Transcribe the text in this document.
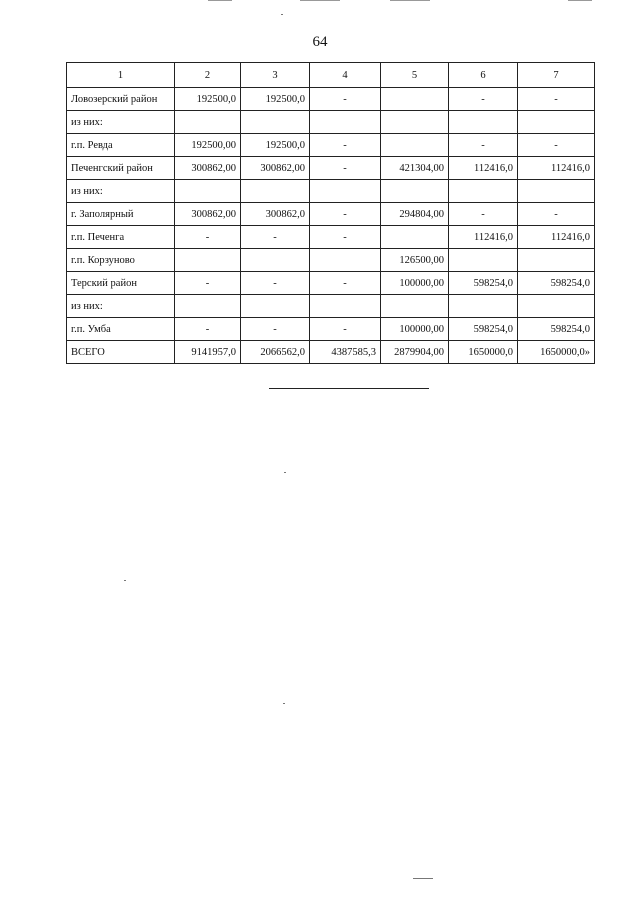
64
1	2	3	4	5	6	7
Ловозерский район	192500,0	192500,0	-		-	-
из них:						
г.п. Ревда	192500,00	192500,0	-		-	-
Печенгский район	300862,00	300862,00	-	421304,00	112416,0	112416,0
из них:						
г. Заполярный	300862,00	300862,0	-	294804,00	-	-
г.п. Печенга	-	-	-		112416,0	112416,0
г.п. Корзуново				126500,00		
Терский район	-	-	-	100000,00	598254,0	598254,0
из них:						
г.п. Умба	-	-	-	100000,00	598254,0	598254,0
ВСЕГО	9141957,0	2066562,0	4387585,3	2879904,00	1650000,0	1650000,0»
